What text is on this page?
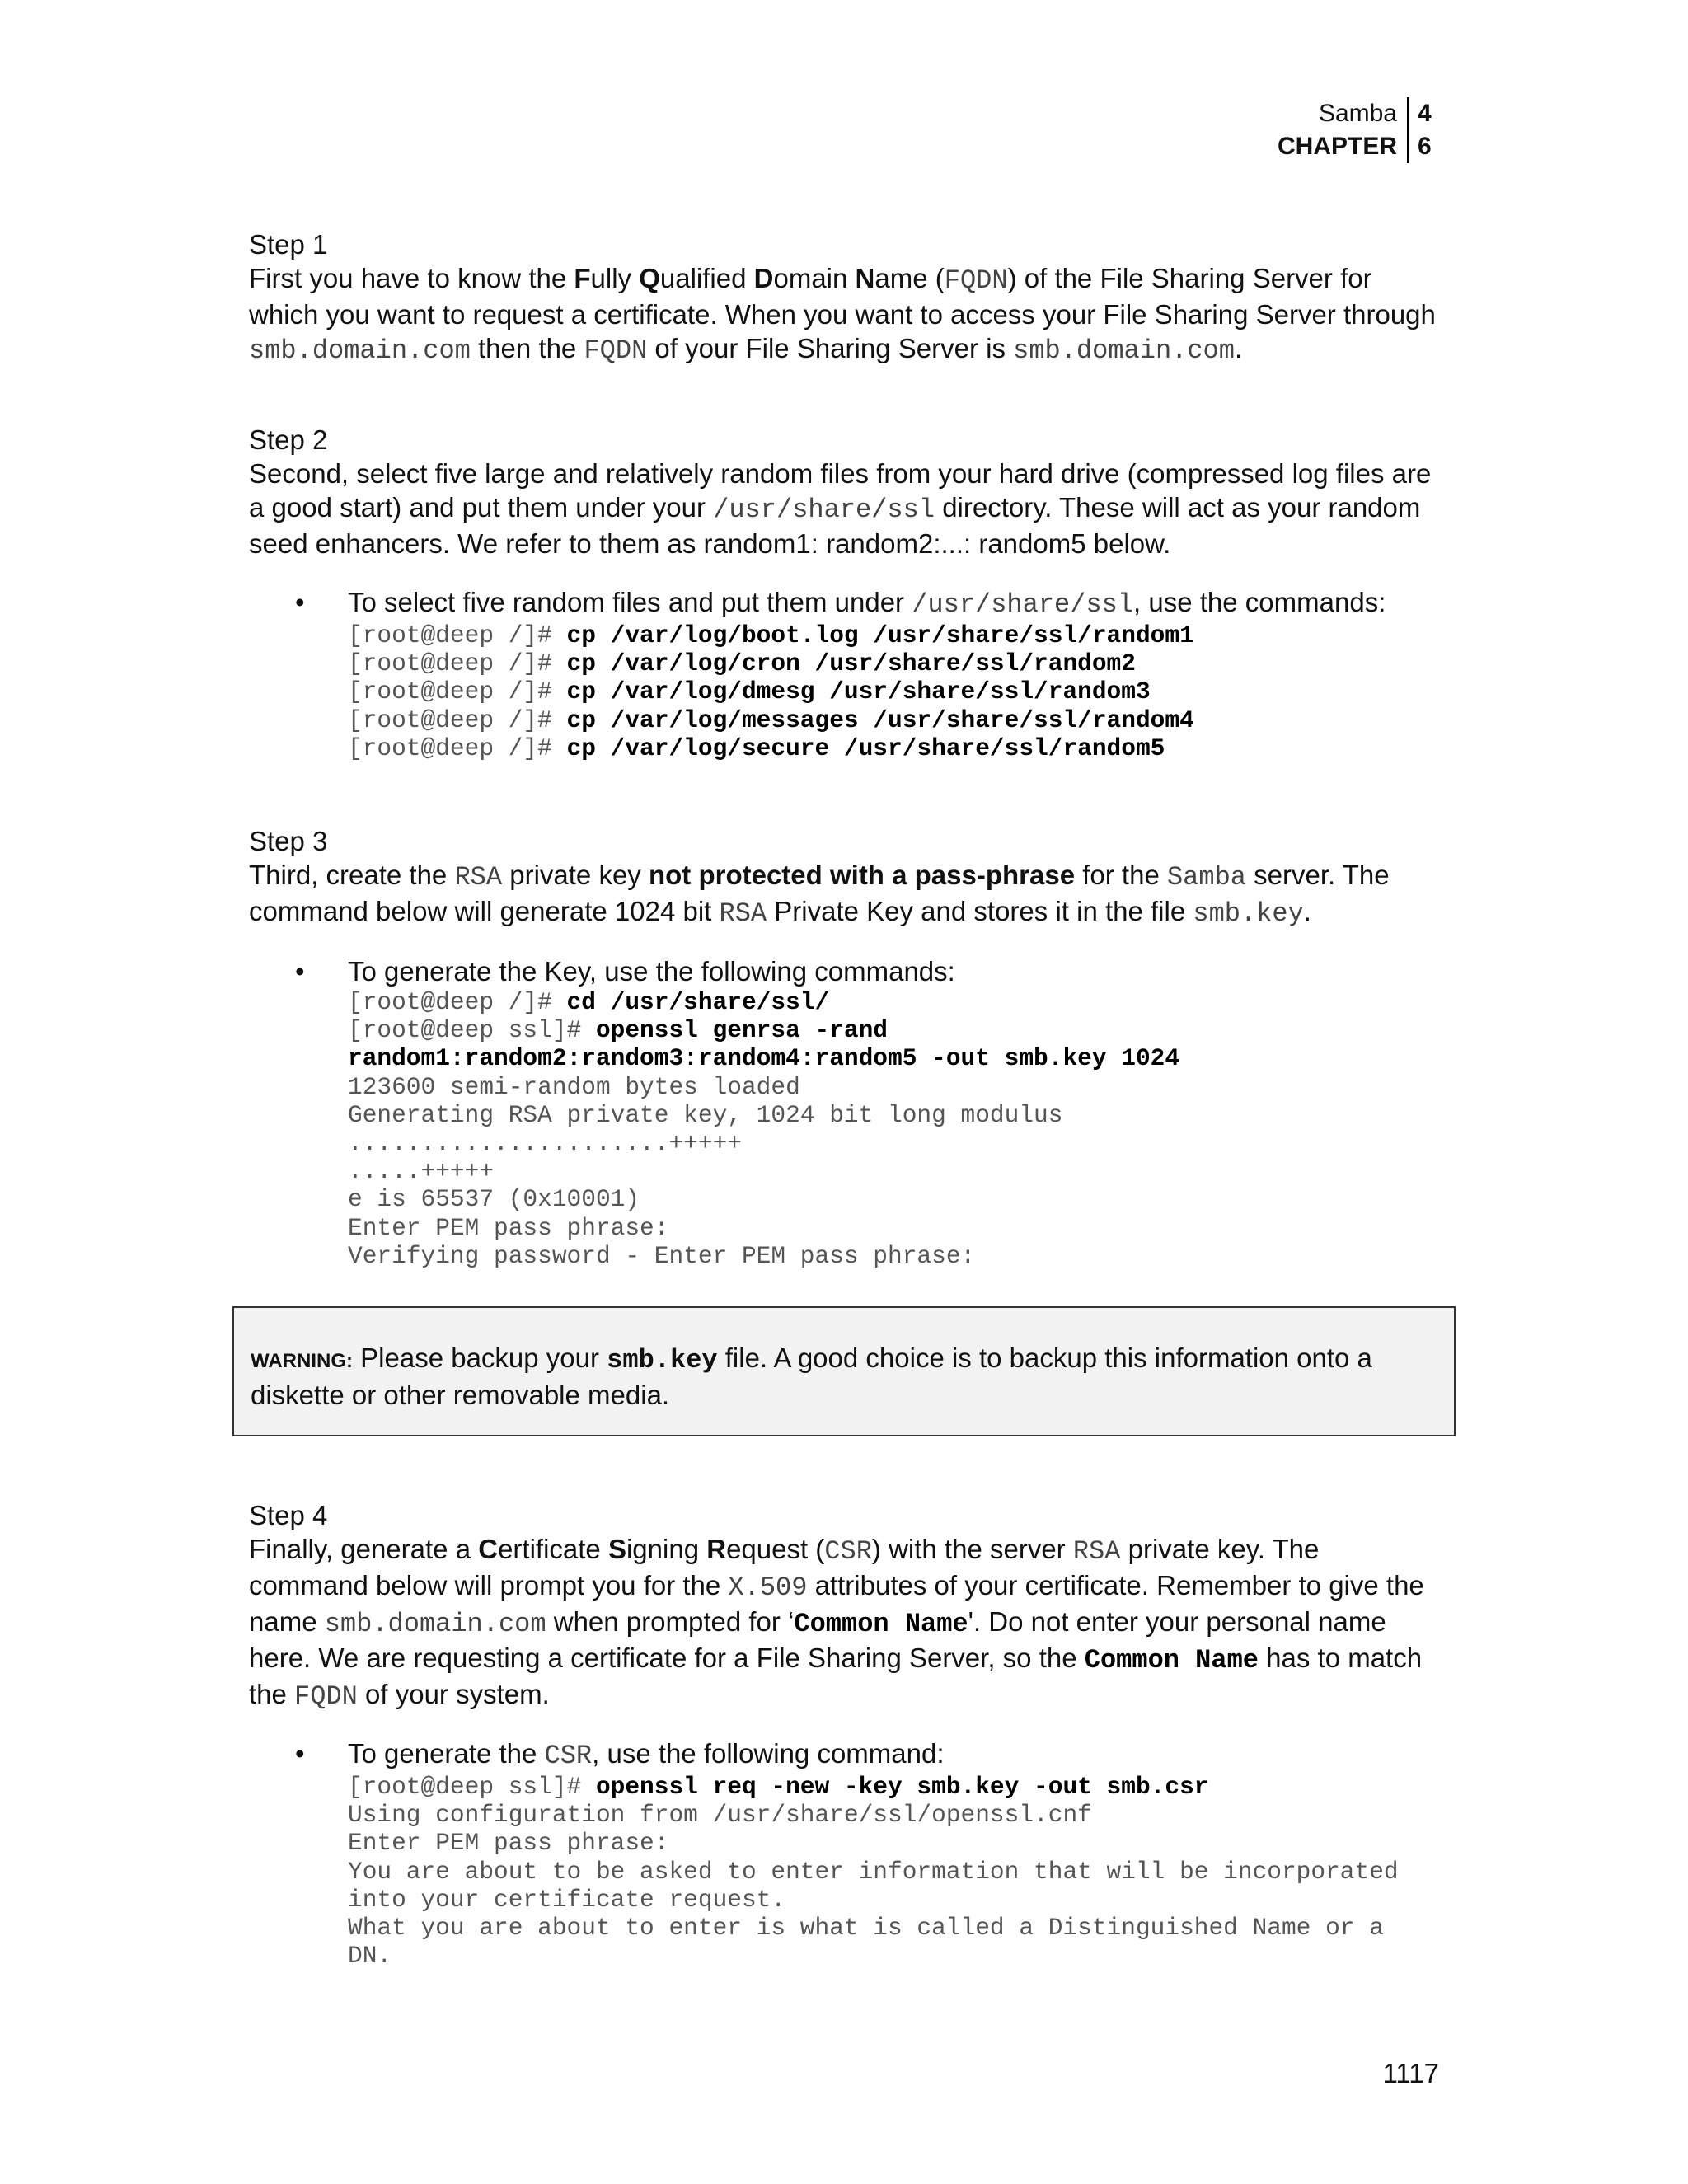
Samba 4
CHAPTER 6

Step 1

First you have to know the Fully Qualified Domain Name (FQDN) of the File Sharing Server for which you want to request a certificate. When you want to access your File Sharing Server through smb.domain.com then the FQDN of your File Sharing Server is smb.domain.com.

Step 2

Second, select five large and relatively random files from your hard drive (compressed log files are a good start) and put them under your /usr/share/ssl directory. These will act as your random seed enhancers. We refer to them as random1: random2:...: random5 below.

• To select five random files and put them under /usr/share/ssl, use the commands:
[root@deep /]# cp /var/log/boot.log /usr/share/ssl/random1
[root@deep /]# cp /var/log/cron /usr/share/ssl/random2
[root@deep /]# cp /var/log/dmesg /usr/share/ssl/random3
[root@deep /]# cp /var/log/messages /usr/share/ssl/random4
[root@deep /]# cp /var/log/secure /usr/share/ssl/random5

Step 3

Third, create the RSA private key not protected with a pass-phrase for the Samba server. The command below will generate 1024 bit RSA Private Key and stores it in the file smb.key.

• To generate the Key, use the following commands:
[root@deep /]# cd /usr/share/ssl/
[root@deep ssl]# openssl genrsa -rand
random1:random2:random3:random4:random5 -out smb.key 1024
123600 semi-random bytes loaded
Generating RSA private key, 1024 bit long modulus
......................+++++
.....+++++
e is 65537 (0x10001)
Enter PEM pass phrase:
Verifying password - Enter PEM pass phrase:

WARNING: Please backup your smb.key file. A good choice is to backup this information onto a diskette or other removable media.

Step 4

Finally, generate a Certificate Signing Request (CSR) with the server RSA private key. The command below will prompt you for the X.509 attributes of your certificate. Remember to give the name smb.domain.com when prompted for ‘Common Name'. Do not enter your personal name here. We are requesting a certificate for a File Sharing Server, so the Common Name has to match the FQDN of your system.

• To generate the CSR, use the following command:
[root@deep ssl]# openssl req -new -key smb.key -out smb.csr
Using configuration from /usr/share/ssl/openssl.cnf
Enter PEM pass phrase:
You are about to be asked to enter information that will be incorporated
into your certificate request.
What you are about to enter is what is called a Distinguished Name or a
DN.
1117
